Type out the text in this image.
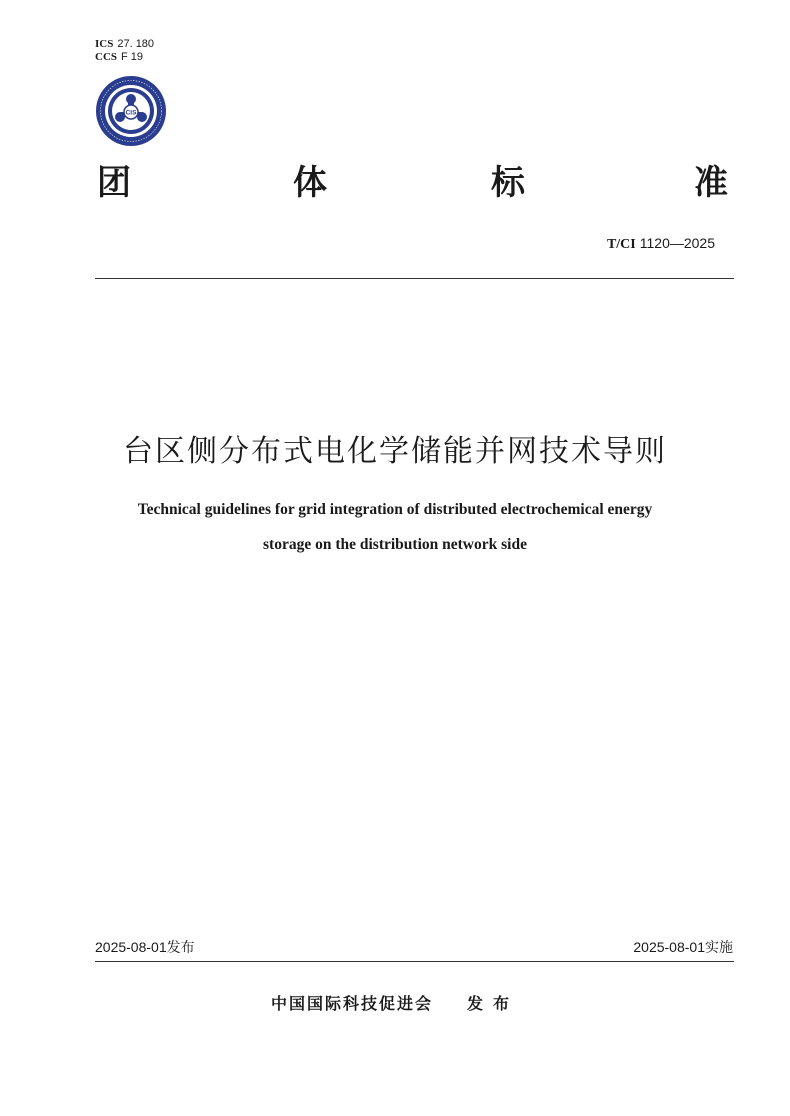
ICS 27. 180
CCS F 19
CIS
团	体	标	准
T/CI 1120—2025
台区侧分布式电化学储能并网技术导则
Technical guidelines for grid integration of distributed electrochemical energy
storage on the distribution network side
2025-08-01发布	2025-08-01实施
中国国际科技促进会 发布
